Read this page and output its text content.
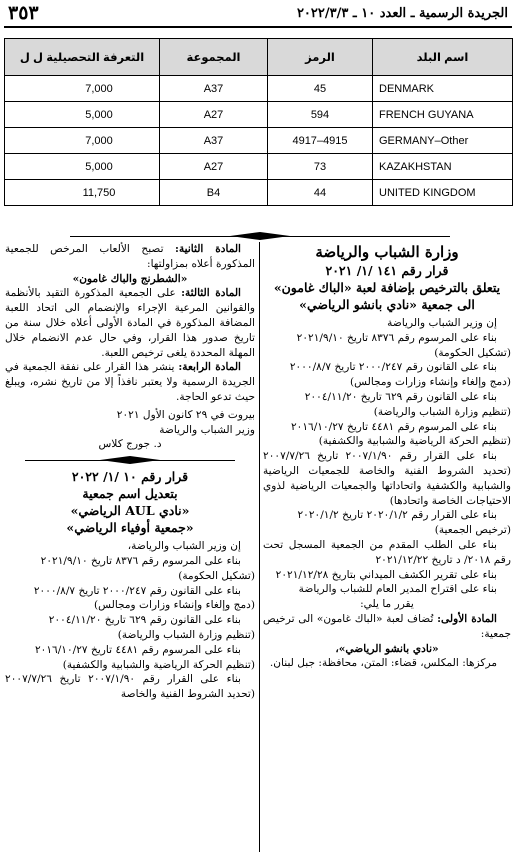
الجريدة الرسمية ـ العدد ١٠ ـ ٢٠٢٢/٣/٣
٣٥٣
اسم البلد	الرمز	المجموعة	التعرفة التحصيلية ل ل
DENMARK	45	A37	7,000
FRENCH GUYANA	594	A27	5,000
GERMANY–Other	4915–4917	A37	7,000
KAZAKHSTAN	73	A27	5,000
UNITED KINGDOM	44	B4	11,750

وزارة الشباب والرياضة

قرار رقم ١٤١ /١/ ٢٠٢١

يتعلق بالترخيص بإضافة لعبة «الباك غامون»

الى جمعية «نادي بانشو الرياضي»

إن وزير الشباب والرياضة

بناء على المرسوم رقم ٨٣٧٦ تاريخ ٢٠٢١/٩/١٠

(تشكيل الحكومة)

بناء على القانون رقم ٢٠٠٠/٢٤٧ تاريخ ٢٠٠٠/٨/٧

(دمج وإلغاء وإنشاء وزارات ومجالس)

بناء على القانون رقم ٦٢٩ تاريخ ٢٠٠٤/١١/٢٠

(تنظيم وزارة الشباب والرياضة)

بناء على المرسوم رقم ٤٤٨١ تاريخ ٢٠١٦/١٠/٢٧

(تنظيم الحركة الرياضية والشبابية والكشفية)

بناء على القرار رقم ٢٠٠٧/١/٩٠ تاريخ ٢٠٠٧/٧/٢٦ (تحديد الشروط الفنية والخاصة للجمعيات الرياضية والشبابية والكشفية واتحاداتها والجمعيات الرياضية لذوي الاحتياجات الخاصة واتحادها)

بناء على القرار رقم ٢٠٢٠/١/٢ تاريخ ٢٠٢٠/١/٢

(ترخيص الجمعية)

بناء على الطلب المقدم من الجمعية المسجل تحت رقم ٢٠١٨/ د تاريخ ٢٠٢١/١٢/٢٢

بناء على تقرير الكشف الميداني بتاريخ ٢٠٢١/١٢/٢٨

بناء على اقتراح المدير العام للشباب والرياضة

يقرر ما يلي:

المادة الأولى: تُضاف لعبة «الباك غامون» الى ترخيص جمعية:

«نادي بانشو الرياضي»،

مركزها: المكلس، قضاء: المتن، محافظة: جبل لبنان.

المادة الثانية: تصبح الألعاب المرخص للجمعية المذكورة أعلاه بمزاولتها:

«الشطرنج والباك غامون»

المادة الثالثة: على الجمعية المذكورة التقيد بالأنظمة والقوانين المرعية الإجراء والإنضمام الى اتحاد اللعبة المضافة المذكورة في المادة الأولى أعلاه خلال سنة من تاريخ صدور هذا القرار، وفي حال عدم الانضمام خلال المهلة المحددة يلغى ترخيص اللعبة.

المادة الرابعة: ينشر هذا القرار على نفقة الجمعية في الجريدة الرسمية ولا يعتبر نافذاً إلا من تاريخ نشره، ويبلغ حيث تدعو الحاجة.

بيروت في ٢٩ كانون الأول ٢٠٢١

وزير الشباب والرياضة

د. جورج كلاس

قرار رقم ١٠ /١/ ٢٠٢٢

بتعديل اسم جمعية

«نادي AUL الرياضي»

«جمعية أوفياء الرياضي»

إن وزير الشباب والرياضة،

بناء على المرسوم رقم ٨٣٧٦ تاريخ ٢٠٢١/٩/١٠

(تشكيل الحكومة)

بناء على القانون رقم ٢٠٠٠/٢٤٧ تاريخ ٢٠٠٠/٨/٧

(دمج وإلغاء وإنشاء وزارات ومجالس)

بناء على القانون رقم ٦٢٩ تاريخ ٢٠٠٤/١١/٢٠

(تنظيم وزارة الشباب والرياضة)

بناء على المرسوم رقم ٤٤٨١ تاريخ ٢٠١٦/١٠/٢٧

(تنظيم الحركة الرياضية والشبابية والكشفية)

بناء على القرار رقم ٢٠٠٧/١/٩٠ تاريخ ٢٠٠٧/٧/٢٦ (تحديد الشروط الفنية والخاصة
